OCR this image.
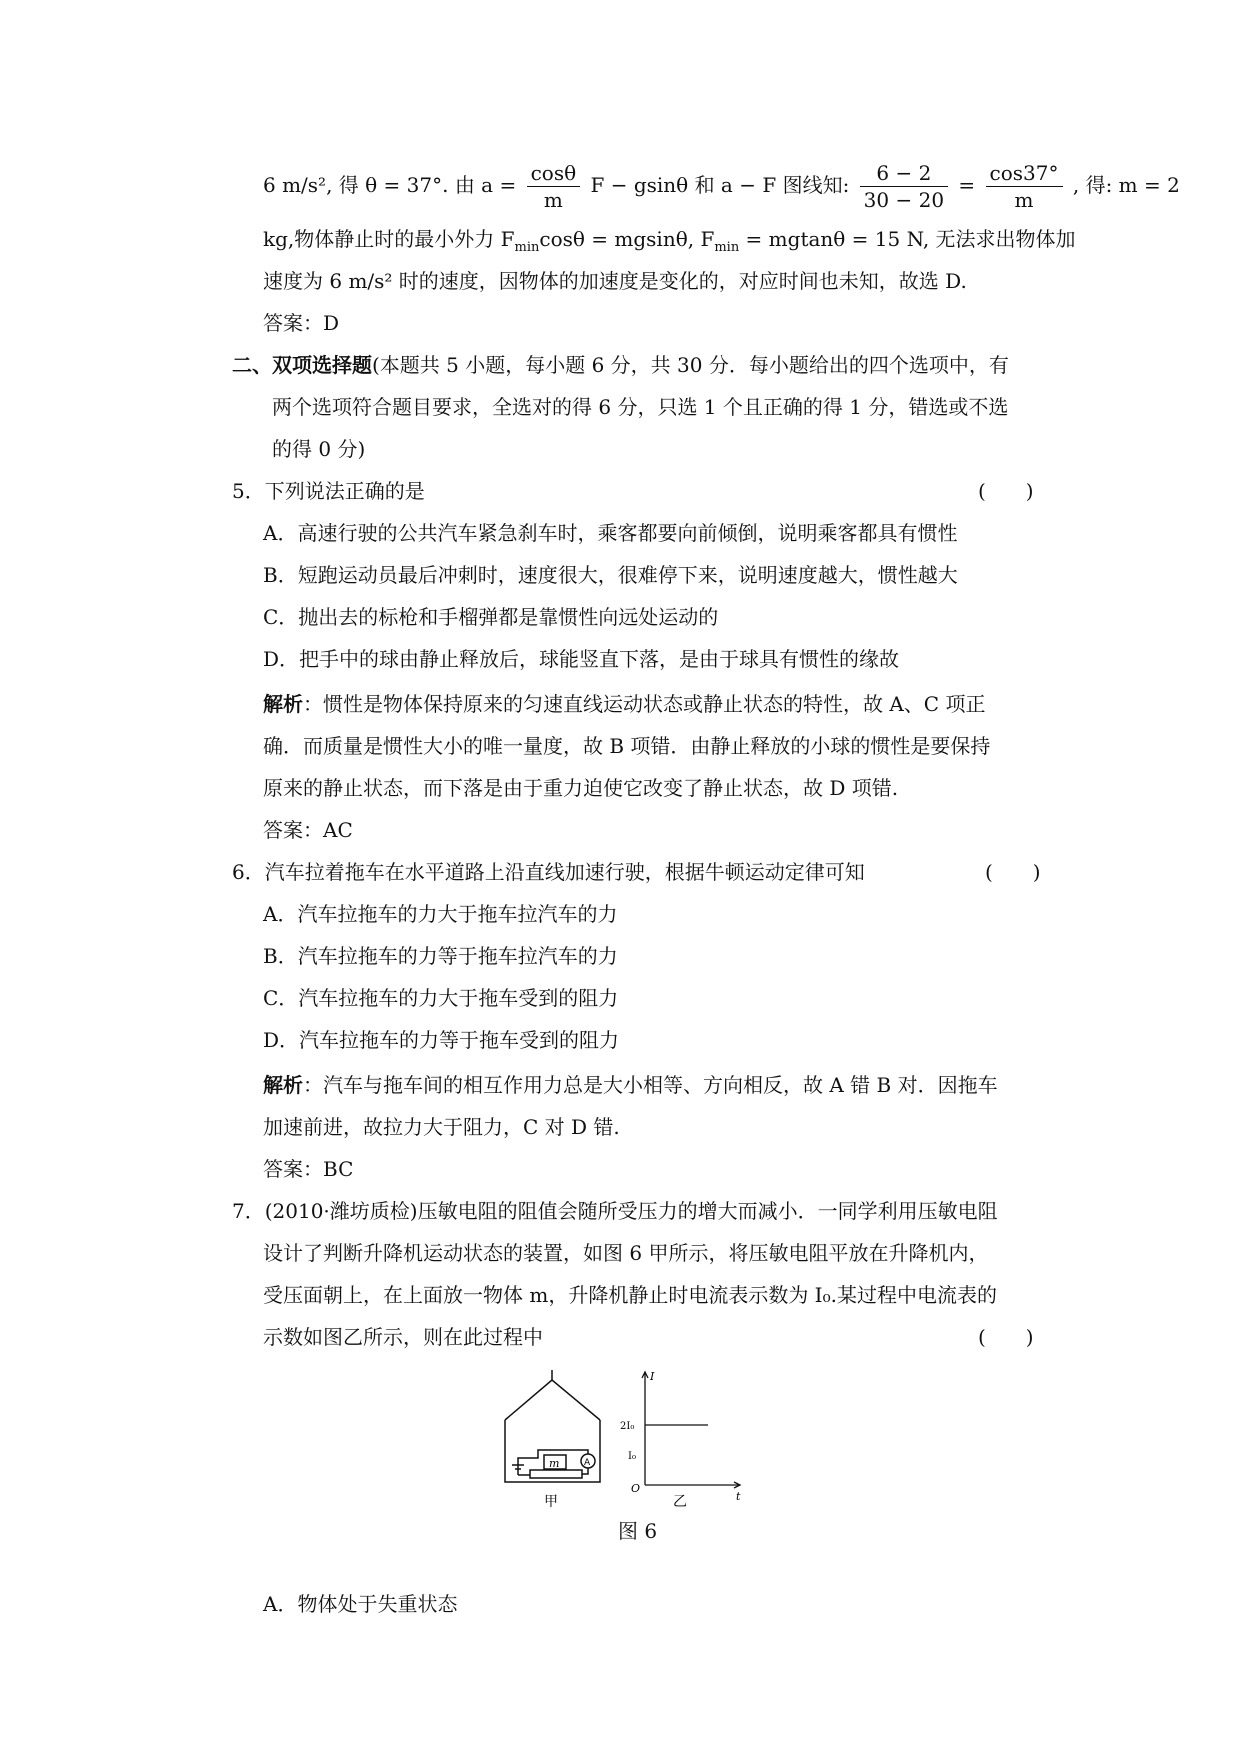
6 m/s², 得 θ = 37°. 由 $a = \frac{\cos\theta}{m}$ F − gsinθ 和 a − F 图线知: $\frac{6 - 2}{30 - 20} = \frac{\cos 37^\circ}{m}$ , 得: m = 2
kg,物体静止时的最小外力 $F_{min}\cos\theta = mgsin\theta$, $F_{min} = mgtan\theta = 15$ N, 无法求出物体加
速度为 6 m/s² 时的速度，因物体的加速度是变化的，对应时间也未知，故选 D.
答案：D
二、双项选择题(本题共 5 小题，每小题 6 分，共 30 分．每小题给出的四个选项中，有
两个选项符合题目要求，全选对的得 6 分，只选 1 个且正确的得 1 分，错选或不选
的得 0 分)
5．下列说法正确的是	(　　)
A．高速行驶的公共汽车紧急刹车时，乘客都要向前倾倒，说明乘客都具有惯性
B．短跑运动员最后冲刺时，速度很大，很难停下来，说明速度越大，惯性越大
C．抛出去的标枪和手榴弹都是靠惯性向远处运动的
D．把手中的球由静止释放后，球能竖直下落，是由于球具有惯性的缘故
解析：惯性是物体保持原来的匀速直线运动状态或静止状态的特性，故 A、C 项正
确．而质量是惯性大小的唯一量度，故 B 项错．由静止释放的小球的惯性是要保持
原来的静止状态，而下落是由于重力迫使它改变了静止状态，故 D 项错.
答案：AC
6．汽车拉着拖车在水平道路上沿直线加速行驶，根据牛顿运动定律可知	(　　)
A．汽车拉拖车的力大于拖车拉汽车的力
B．汽车拉拖车的力等于拖车拉汽车的力
C．汽车拉拖车的力大于拖车受到的阻力
D．汽车拉拖车的力等于拖车受到的阻力
解析：汽车与拖车间的相互作用力总是大小相等、方向相反，故 A 错 B 对．因拖车
加速前进，故拉力大于阻力，C 对 D 错.
答案：BC
7．(2010·潍坊质检)压敏电阻的阻值会随所受压力的增大而减小．一同学利用压敏电阻
设计了判断升降机运动状态的装置，如图 6 甲所示，将压敏电阻平放在升降机内，
受压面朝上，在上面放一物体 m，升降机静止时电流表示数为 I₀.某过程中电流表的
示数如图乙所示，则在此过程中	(　　)
m	A
甲
I
t
O
2I₀
I₀
乙
图 6
A．物体处于失重状态
